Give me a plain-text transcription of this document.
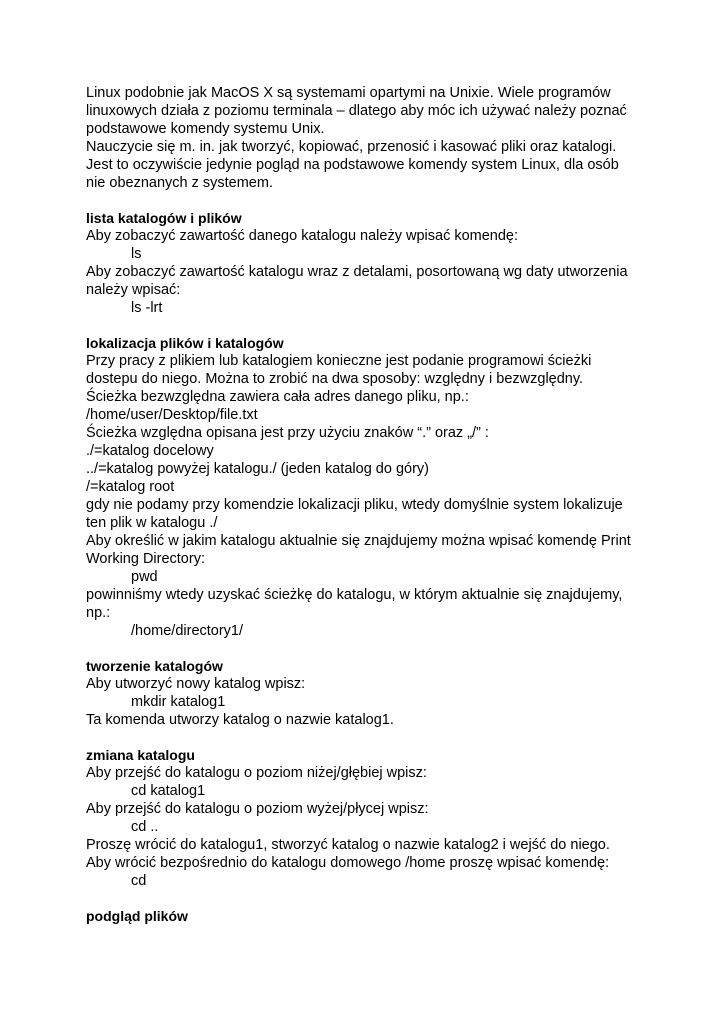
Linux podobnie jak MacOS X są systemami opartymi na Unixie. Wiele programów
linuxowych działa z poziomu terminala – dlatego aby móc ich używać należy poznać
podstawowe komendy systemu Unix.
Nauczycie się m. in. jak tworzyć, kopiować, przenosić i kasować pliki oraz katalogi.
Jest to oczywiście jedynie pogląd na podstawowe komendy system Linux, dla osób
nie obeznanych z systemem.
lista katalogów i plików
Aby zobaczyć zawartość danego katalogu należy wpisać komendę:
ls
Aby zobaczyć zawartość katalogu wraz z detalami, posortowaną wg daty utworzenia
należy wpisać:
ls -lrt
lokalizacja plików i katalogów
Przy pracy z plikiem lub katalogiem konieczne jest podanie programowi ścieżki
dostepu do niego. Można to zrobić na dwa sposoby: względny i bezwzględny.
Ścieżka bezwzględna zawiera cała adres danego pliku, np.:
/home/user/Desktop/file.txt
Ścieżka względna opisana jest przy użyciu znaków “.” oraz „/” :
./=katalog docelowy
../=katalog powyżej katalogu./ (jeden katalog do góry)
/=katalog root
gdy nie podamy przy komendzie lokalizacji pliku, wtedy domyślnie system lokalizuje
ten plik w katalogu ./
Aby określić w jakim katalogu aktualnie się znajdujemy można wpisać komendę Print
Working Directory:
pwd
powinniśmy wtedy uzyskać ścieżkę do katalogu, w którym aktualnie się znajdujemy,
np.:
/home/directory1/
tworzenie katalogów
Aby utworzyć nowy katalog wpisz:
mkdir katalog1
Ta komenda utworzy katalog o nazwie katalog1.
zmiana katalogu
Aby przejść do katalogu o poziom niżej/głębiej wpisz:
cd katalog1
Aby przejść do katalogu o poziom wyżej/płycej wpisz:
cd ..
Proszę wrócić do katalogu1, stworzyć katalog o nazwie katalog2 i wejść do niego.
Aby wrócić bezpośrednio do katalogu domowego /home proszę wpisać komendę:
cd
podgląd plików
